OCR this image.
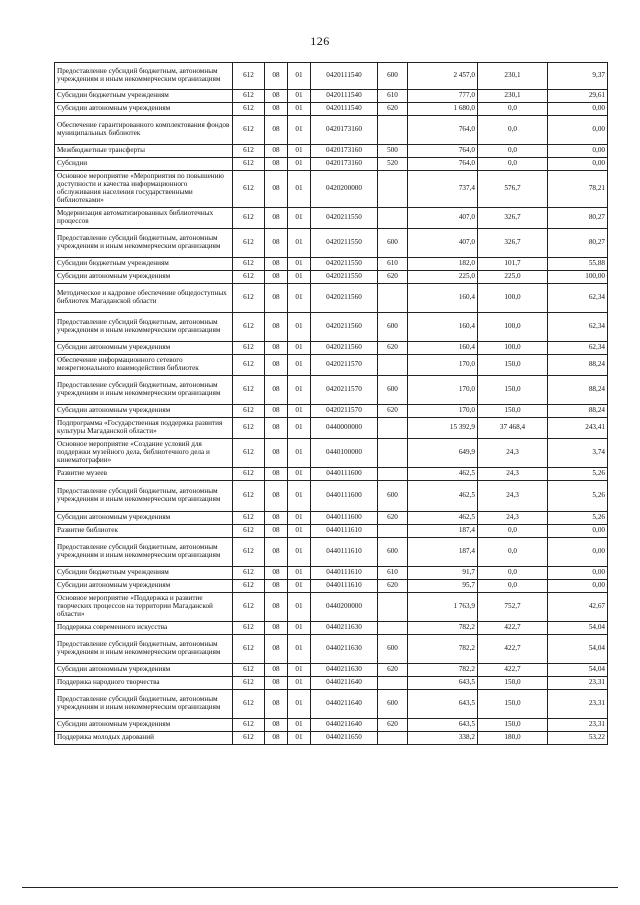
126
Предоставление субсидий бюджетным, автономным учреждениям и иным некоммерческим организациям	612	08	01	0420111540	600	2 457,0	230,1	9,37
Субсидии бюджетным учреждениям	612	08	01	0420111540	610	777,0	230,1	29,61
Субсидии автономным учреждениям	612	08	01	0420111540	620	1 680,0	0,0	0,00
Обеспечение гарантированного комплектования фондов муниципальных библиотек	612	08	01	0420173160		764,0	0,0	0,00
Межбюджетные трансферты	612	08	01	0420173160	500	764,0	0,0	0,00
Субсидии	612	08	01	0420173160	520	764,0	0,0	0,00
Основное мероприятие «Мероприятия по повышению доступности и качества информационного обслуживания населения государственными библиотеками»	612	08	01	0420200000		737,4	576,7	78,21
Модернизация автоматизированных библиотечных процессов	612	08	01	0420211550		407,0	326,7	80,27
Предоставление субсидий бюджетным, автономным учреждениям и иным некоммерческим организациям	612	08	01	0420211550	600	407,0	326,7	80,27
Субсидии бюджетным учреждениям	612	08	01	0420211550	610	182,0	101,7	55,88
Субсидии автономным учреждениям	612	08	01	0420211550	620	225,0	225,0	100,00
Методическое и кадровое обеспечение общедоступных библиотек Магаданской области	612	08	01	0420211560		160,4	100,0	62,34
Предоставление субсидий бюджетным, автономным учреждениям и иным некоммерческим организациям	612	08	01	0420211560	600	160,4	100,0	62,34
Субсидии автономным учреждениям	612	08	01	0420211560	620	160,4	100,0	62,34
Обеспечение информационного сетевого межрегионального взаимодействия библиотек	612	08	01	0420211570		170,0	150,0	88,24
Предоставление субсидий бюджетным, автономным учреждениям и иным некоммерческим организациям	612	08	01	0420211570	600	170,0	150,0	88,24
Субсидии автономным учреждениям	612	08	01	0420211570	620	170,0	150,0	88,24
Подпрограмма «Государственная поддержка развития культуры Магаданской области»	612	08	01	0440000000		15 392,9	37 468,4	243,41
Основное мероприятие «Создание условий для поддержки музейного дела, библиотечного дела и кинематографии»	612	08	01	0440100000		649,9	24,3	3,74
Развитие музеев	612	08	01	0440111600		462,5	24,3	5,26
Предоставление субсидий бюджетным, автономным учреждениям и иным некоммерческим организациям	612	08	01	0440111600	600	462,5	24,3	5,26
Субсидии автономным учреждениям	612	08	01	0440111600	620	462,5	24,3	5,26
Развитие библиотек	612	08	01	0440111610		187,4	0,0	0,00
Предоставление субсидий бюджетным, автономным учреждениям и иным некоммерческим организациям	612	08	01	0440111610	600	187,4	0,0	0,00
Субсидии бюджетным учреждениям	612	08	01	0440111610	610	91,7	0,0	0,00
Субсидии автономным учреждениям	612	08	01	0440111610	620	95,7	0,0	0,00
Основное мероприятие «Поддержка и развитие творческих процессов на территории Магаданской области»	612	08	01	0440200000		1 763,9	752,7	42,67
Поддержка современного искусства	612	08	01	0440211630		782,2	422,7	54,04
Предоставление субсидий бюджетным, автономным учреждениям и иным некоммерческим организациям	612	08	01	0440211630	600	782,2	422,7	54,04
Субсидии автономным учреждениям	612	08	01	0440211630	620	782,2	422,7	54,04
Поддержка народного творчества	612	08	01	0440211640		643,5	150,0	23,31
Предоставление субсидий бюджетным, автономным учреждениям и иным некоммерческим организациям	612	08	01	0440211640	600	643,5	150,0	23,31
Субсидии автономным учреждениям	612	08	01	0440211640	620	643,5	150,0	23,31
Поддержка молодых дарований	612	08	01	0440211650		338,2	180,0	53,22
